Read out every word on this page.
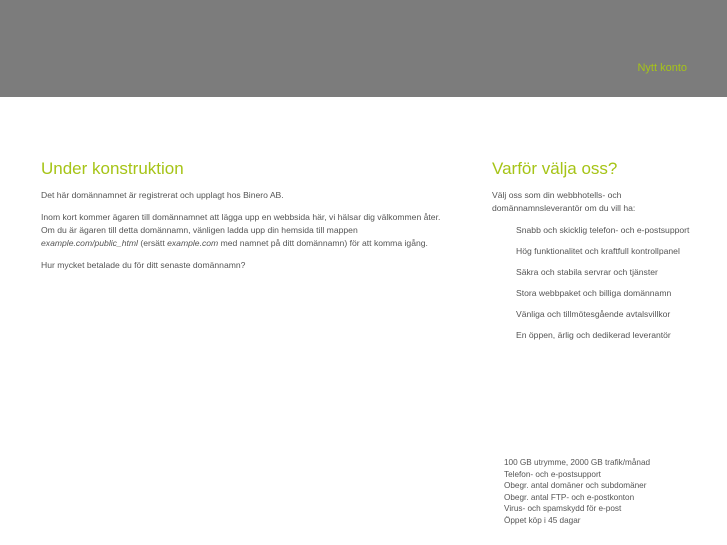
Nytt konto
Under konstruktion

Det här domännamnet är registrerat och upplagt hos Binero AB.

Inom kort kommer ägaren till domännamnet att lägga upp en webbsida här, vi hälsar dig välkommen åter.
Om du är ägaren till detta domännamn, vänligen ladda upp din hemsida till mappen
example.com/public_html (ersätt example.com med namnet på ditt domännamn) för att komma igång.

Hur mycket betalade du för ditt senaste domännamn?

Varför välja oss?

Välj oss som din webbhotells- och domännamnsleverantör om du vill ha:

Snabb och skicklig telefon- och e-postsupport
Hög funktionalitet och kraftfull kontrollpanel
Säkra och stabila servrar och tjänster
Stora webbpaket och billiga domännamn
Vänliga och tillmötesgående avtalsvillkor
En öppen, ärlig och dedikerad leverantör
100 GB utrymme, 2000 GB trafik/månad
Telefon- och e-postsupport
Obegr. antal domäner och subdomäner
Obegr. antal FTP- och e-postkonton
Virus- och spamskydd för e-post
Öppet köp i 45 dagar
